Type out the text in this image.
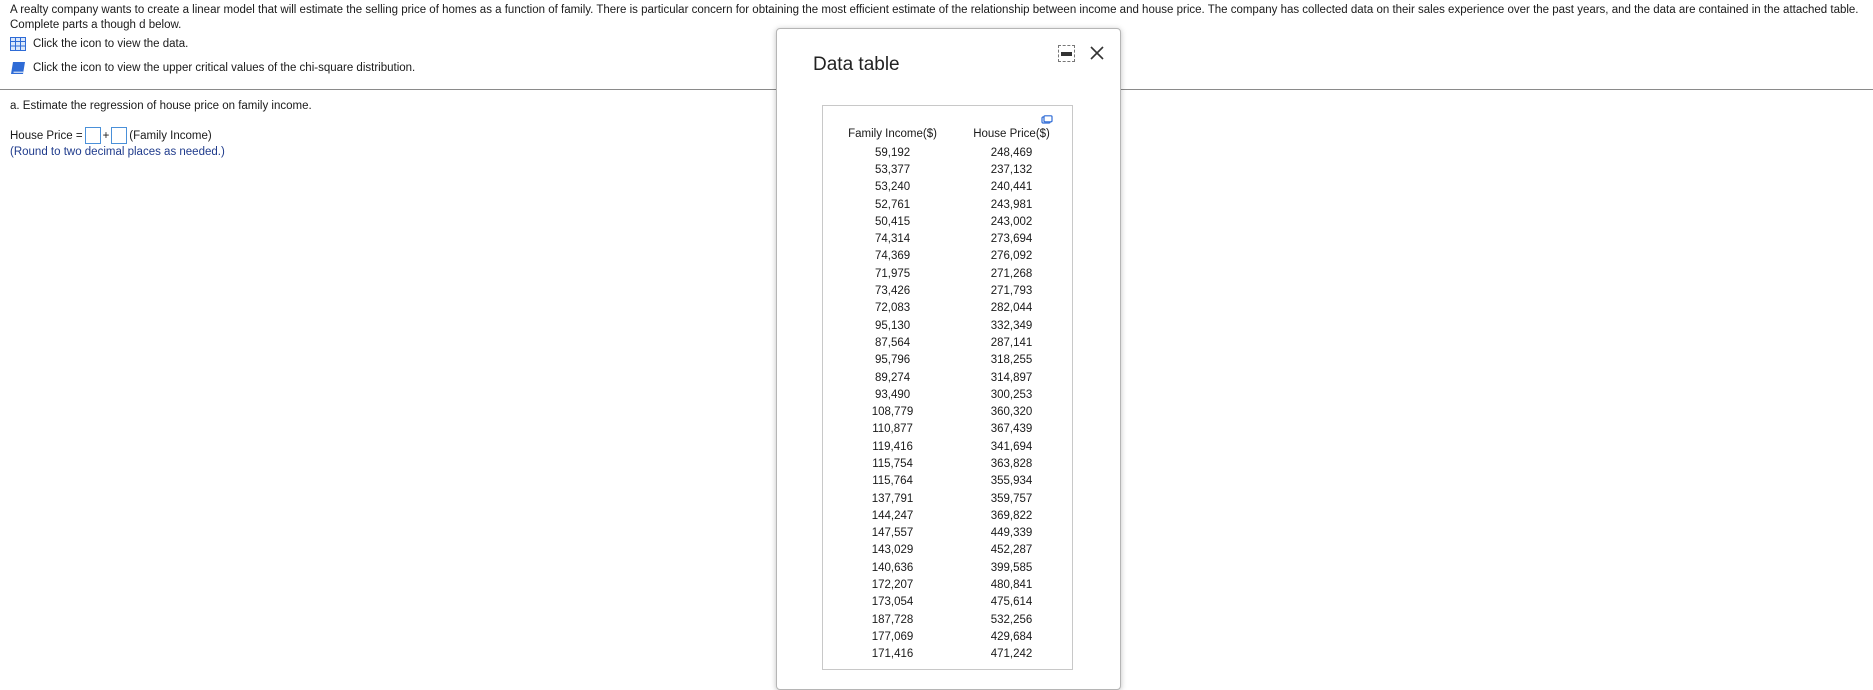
A realty company wants to create a linear model that will estimate the selling price of homes as a function of family. There is particular concern for obtaining the most efficient estimate of the relationship between income and house price. The company has collected data on their sales experience over the past years, and the data are contained in the attached table. Complete parts a though d below.
Click the icon to view the data.
Click the icon to view the upper critical values of the chi-square distribution.
a. Estimate the regression of house price on family income.
House Price = + (Family Income)
(Round to two decimal places as needed.)
Data table
Family Income($)	House Price($)
59,192	248,469
53,377	237,132
53,240	240,441
52,761	243,981
50,415	243,002
74,314	273,694
74,369	276,092
71,975	271,268
73,426	271,793
72,083	282,044
95,130	332,349
87,564	287,141
95,796	318,255
89,274	314,897
93,490	300,253
108,779	360,320
110,877	367,439
119,416	341,694
115,754	363,828
115,764	355,934
137,791	359,757
144,247	369,822
147,557	449,339
143,029	452,287
140,636	399,585
172,207	480,841
173,054	475,614
187,728	532,256
177,069	429,684
171,416	471,242
